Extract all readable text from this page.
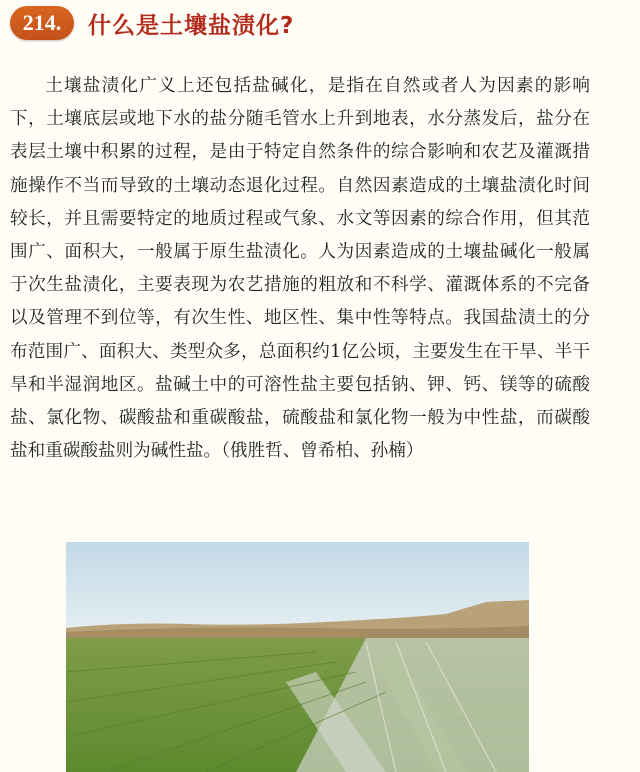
214.	什么是土壤盐渍化?

土壤盐渍化广义上还包括盐碱化，是指在自然或者人为因素的影响下，土壤底层或地下水的盐分随毛管水上升到地表，水分蒸发后，盐分在表层土壤中积累的过程，是由于特定自然条件的综合影响和农艺及灌溉措施操作不当而导致的土壤动态退化过程。自然因素造成的土壤盐渍化时间较长，并且需要特定的地质过程或气象、水文等因素的综合作用，但其范围广、面积大，一般属于原生盐渍化。人为因素造成的土壤盐碱化一般属于次生盐渍化，主要表现为农艺措施的粗放和不科学、灌溉体系的不完备以及管理不到位等，有次生性、地区性、集中性等特点。我国盐渍土的分布范围广、面积大、类型众多，总面积约1亿公顷，主要发生在干旱、半干旱和半湿润地区。盐碱土中的可溶性盐主要包括钠、钾、钙、镁等的硫酸盐、氯化物、碳酸盐和重碳酸盐，硫酸盐和氯化物一般为中性盐，而碳酸盐和重碳酸盐则为碱性盐。（俄胜哲、曾希柏、孙楠）
